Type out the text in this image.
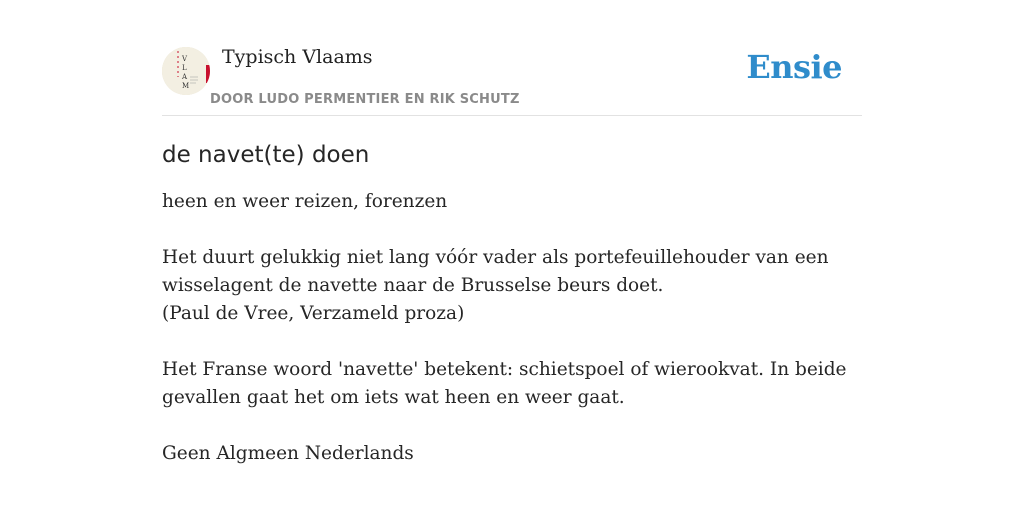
V
L
A
M
Typisch Vlaams
DOOR LUDO PERMENTIER EN RIK SCHUTZ
Ensie
de navet(te) doen

heen en weer reizen, forenzen

Het duurt gelukkig niet lang vóór vader als portefeuillehouder van een wisselagent de navette naar de Brusselse beurs doet.

(Paul de Vree, Verzameld proza)

Het Franse woord 'navette' betekent: schietspoel of wierookvat. In beide gevallen gaat het om iets wat heen en weer gaat.

Geen Algmeen Nederlands
